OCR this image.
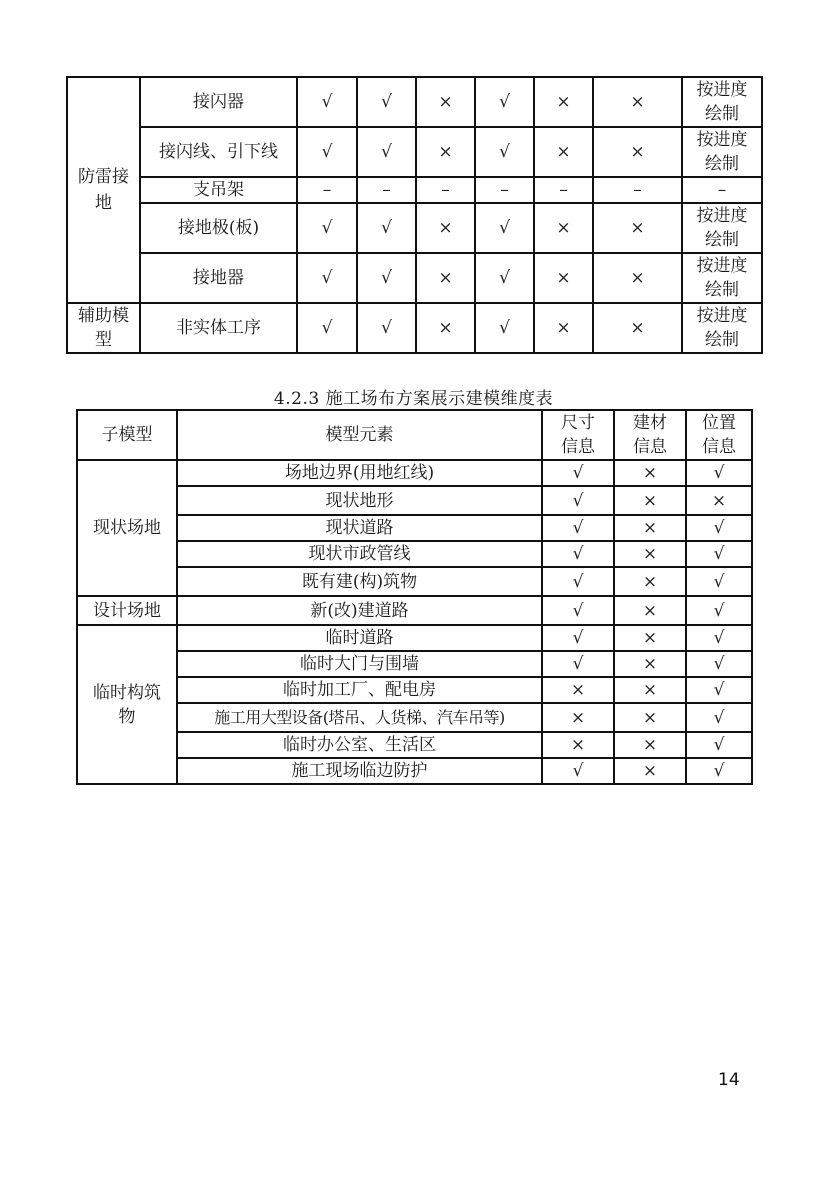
防雷接地	接闪器	√	√	×	√	×	×	按进度绘制
	接闪线、引下线	√	√	×	√	×	×	按进度绘制
	支吊架	–	–	–	–	–	–	–
	接地极(板)	√	√	×	√	×	×	按进度绘制
	接地器	√	√	×	√	×	×	按进度绘制
辅助模型	非实体工序	√	√	×	√	×	×	按进度绘制
4.2.3 施工场布方案展示建模维度表
子模型	模型元素	尺寸信息	建材信息	位置信息
现状场地	场地边界(用地红线)	√	×	√
	现状地形	√	×	×
	现状道路	√	×	√
	现状市政管线	√	×	√
	既有建(构)筑物	√	×	√
设计场地	新(改)建道路	√	×	√
临时构筑物	临时道路	√	×	√
	临时大门与围墙	√	×	√
	临时加工厂、配电房	×	×	√
	施工用大型设备(塔吊、人货梯、汽车吊等)	×	×	√
	临时办公室、生活区	×	×	√
	施工现场临边防护	√	×	√
14
